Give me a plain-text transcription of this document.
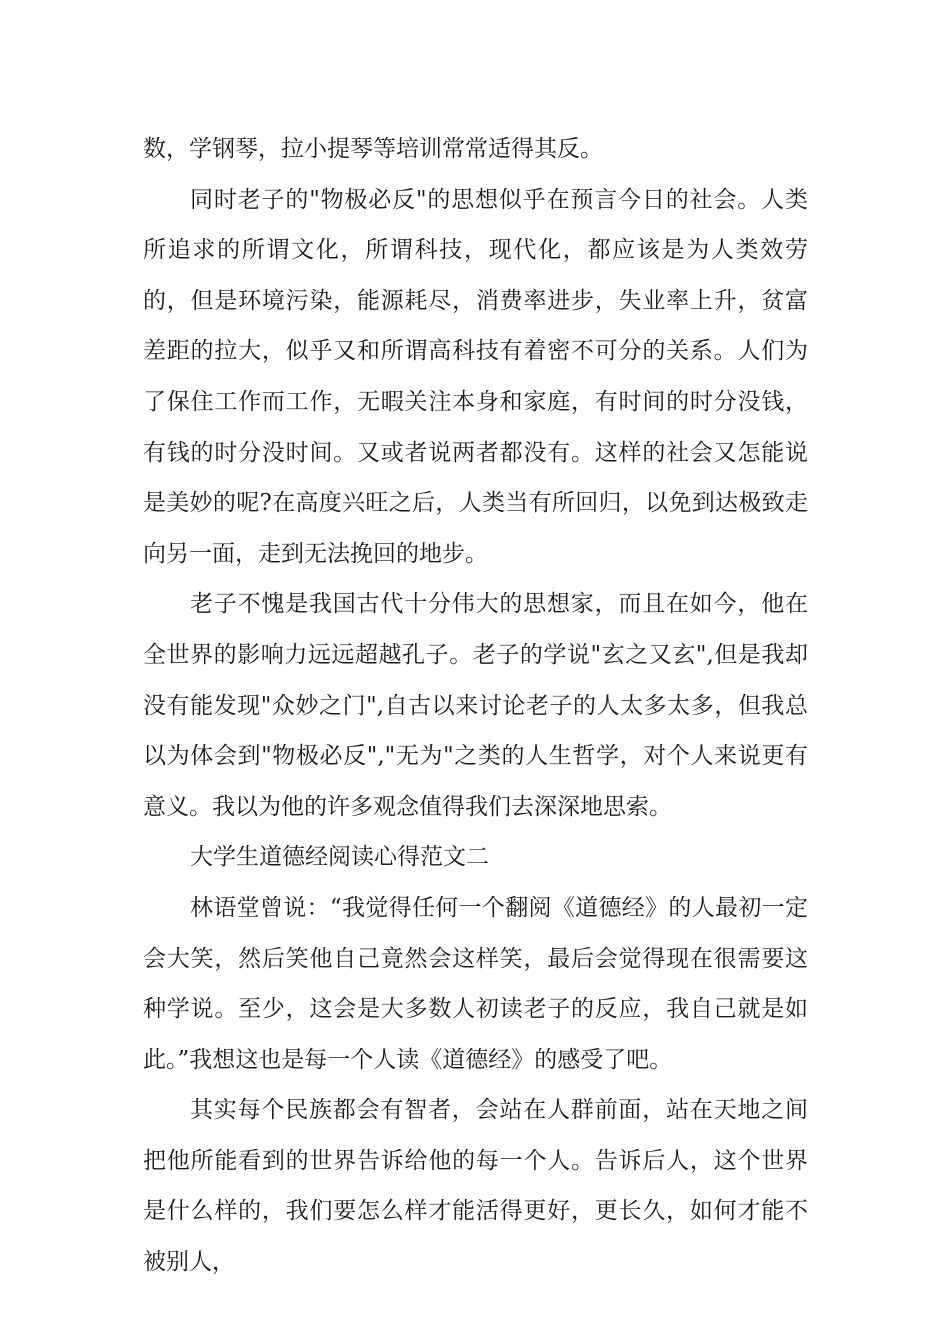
数，学钢琴，拉小提琴等培训常常适得其反。

同时老子的"物极必反"的思想似乎在预言今日的社会。人类所追求的所谓文化，所谓科技，现代化，都应该是为人类效劳的，但是环境污染，能源耗尽，消费率进步，失业率上升，贫富差距的拉大，似乎又和所谓高科技有着密不可分的关系。人们为了保住工作而工作，无暇关注本身和家庭，有时间的时分没钱，有钱的时分没时间。又或者说两者都没有。这样的社会又怎能说是美妙的呢?在高度兴旺之后，人类当有所回归，以免到达极致走向另一面，走到无法挽回的地步。

老子不愧是我国古代十分伟大的思想家，而且在如今，他在全世界的影响力远远超越孔子。老子的学说"玄之又玄",但是我却没有能发现"众妙之门",自古以来讨论老子的人太多太多，但我总以为体会到"物极必反","无为"之类的人生哲学，对个人来说更有意义。我以为他的许多观念值得我们去深深地思索。

大学生道德经阅读心得范文二

林语堂曾说：“我觉得任何一个翻阅《道德经》的人最初一定会大笑，然后笑他自己竟然会这样笑，最后会觉得现在很需要这种学说。至少，这会是大多数人初读老子的反应，我自己就是如此。”我想这也是每一个人读《道德经》的感受了吧。

其实每个民族都会有智者，会站在人群前面，站在天地之间把他所能看到的世界告诉给他的每一个人。告诉后人，这个世界是什么样的，我们要怎么样才能活得更好，更长久，如何才能不被别人，
